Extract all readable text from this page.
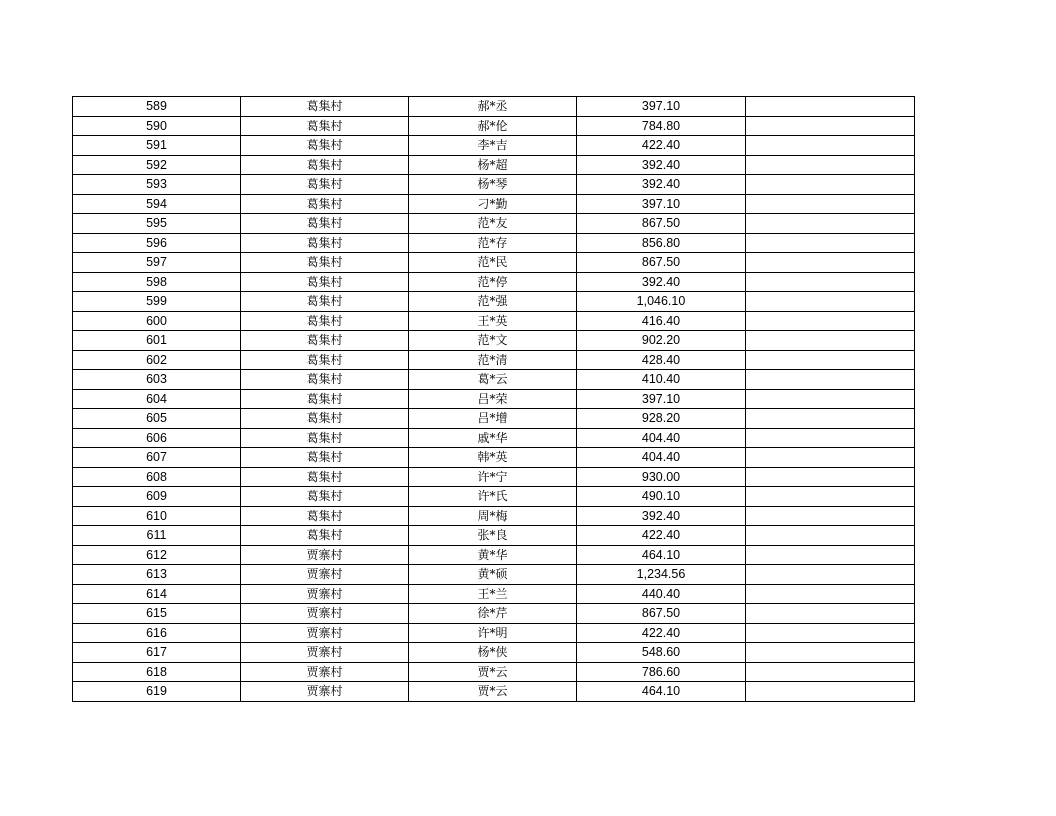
589	葛集村	郝*丞	397.10	
590	葛集村	郝*伦	784.80	
591	葛集村	李*吉	422.40	
592	葛集村	杨*超	392.40	
593	葛集村	杨*琴	392.40	
594	葛集村	刁*勤	397.10	
595	葛集村	范*友	867.50	
596	葛集村	范*存	856.80	
597	葛集村	范*民	867.50	
598	葛集村	范*停	392.40	
599	葛集村	范*强	1,046.10	
600	葛集村	王*英	416.40	
601	葛集村	范*文	902.20	
602	葛集村	范*清	428.40	
603	葛集村	葛*云	410.40	
604	葛集村	吕*荣	397.10	
605	葛集村	吕*增	928.20	
606	葛集村	戚*华	404.40	
607	葛集村	韩*英	404.40	
608	葛集村	许*宁	930.00	
609	葛集村	许*氏	490.10	
610	葛集村	周*梅	392.40	
611	葛集村	张*良	422.40	
612	贾寨村	黄*华	464.10	
613	贾寨村	黄*硕	1,234.56	
614	贾寨村	王*兰	440.40	
615	贾寨村	徐*芹	867.50	
616	贾寨村	许*明	422.40	
617	贾寨村	杨*侠	548.60	
618	贾寨村	贾*云	786.60	
619	贾寨村	贾*云	464.10	
